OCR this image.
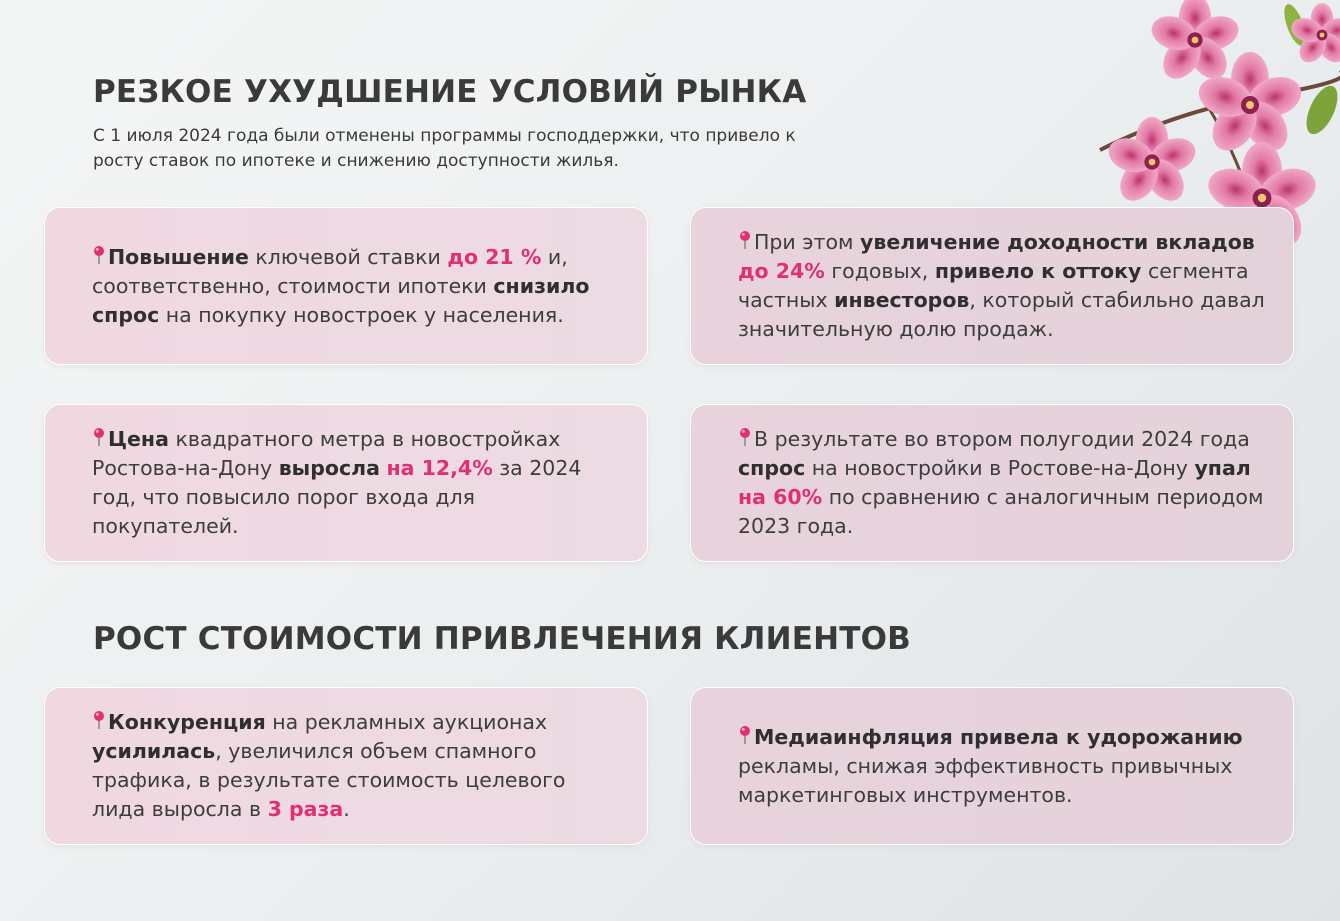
РЕЗКОЕ УХУДШЕНИЕ УСЛОВИЙ РЫНКА

С 1 июля 2024 года были отменены программы господдержки, что привело к росту ставок по ипотеке и снижению доступности жилья.

Повышение ключевой ставки до 21 % и, соответственно, стоимости ипотеки снизило спрос на покупку новостроек у населения.

При этом увеличение доходности вкладов до 24% годовых, привело к оттоку сегмента частных инвесторов, который стабильно давал значительную долю продаж.

Цена квадратного метра в новостройках Ростова-на-Дону выросла на 12,4% за 2024 год, что повысило порог входа для покупателей.

В результате во втором полугодии 2024 года спрос на новостройки в Ростове-на-Дону упал на 60% по сравнению с аналогичным периодом 2023 года.

РОСТ СТОИМОСТИ ПРИВЛЕЧЕНИЯ КЛИЕНТОВ

Конкуренция на рекламных аукционах усилилась, увеличился объем спамного трафика, в результате стоимость целевого лида выросла в 3 раза.

Медиаинфляция привела к удорожанию рекламы, снижая эффективность привычных маркетинговых инструментов.
